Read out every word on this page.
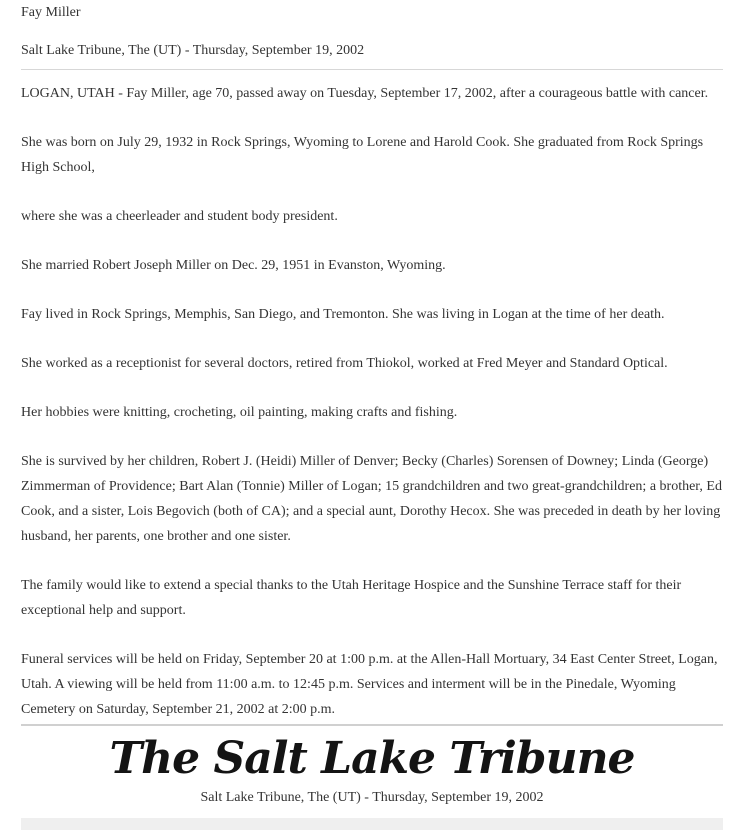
Fay Miller
Salt Lake Tribune, The (UT) - Thursday, September 19, 2002

LOGAN, UTAH - Fay Miller, age 70, passed away on Tuesday, September 17, 2002, after a courageous battle with cancer.

She was born on July 29, 1932 in Rock Springs, Wyoming to Lorene and Harold Cook. She graduated from Rock Springs High School,

where she was a cheerleader and student body president.

She married Robert Joseph Miller on Dec. 29, 1951 in Evanston, Wyoming.

Fay lived in Rock Springs, Memphis, San Diego, and Tremonton. She was living in Logan at the time of her death.

She worked as a receptionist for several doctors, retired from Thiokol, worked at Fred Meyer and Standard Optical.

Her hobbies were knitting, crocheting, oil painting, making crafts and fishing.

She is survived by her children, Robert J. (Heidi) Miller of Denver; Becky (Charles) Sorensen of Downey; Linda (George) Zimmerman of Providence; Bart Alan (Tonnie) Miller of Logan; 15 grandchildren and two great-grandchildren; a brother, Ed Cook, and a sister, Lois Begovich (both of CA); and a special aunt, Dorothy Hecox. She was preceded in death by her loving husband, her parents, one brother and one sister.

The family would like to extend a special thanks to the Utah Heritage Hospice and the Sunshine Terrace staff for their exceptional help and support.

Funeral services will be held on Friday, September 20 at 1:00 p.m. at the Allen-Hall Mortuary, 34 East Center Street, Logan, Utah. A viewing will be held from 11:00 a.m. to 12:45 p.m. Services and interment will be in the Pinedale, Wyoming Cemetery on Saturday, September 21, 2002 at 2:00 p.m.

The Salt Lake Tribune
Salt Lake Tribune, The (UT) - Thursday, September 19, 2002
